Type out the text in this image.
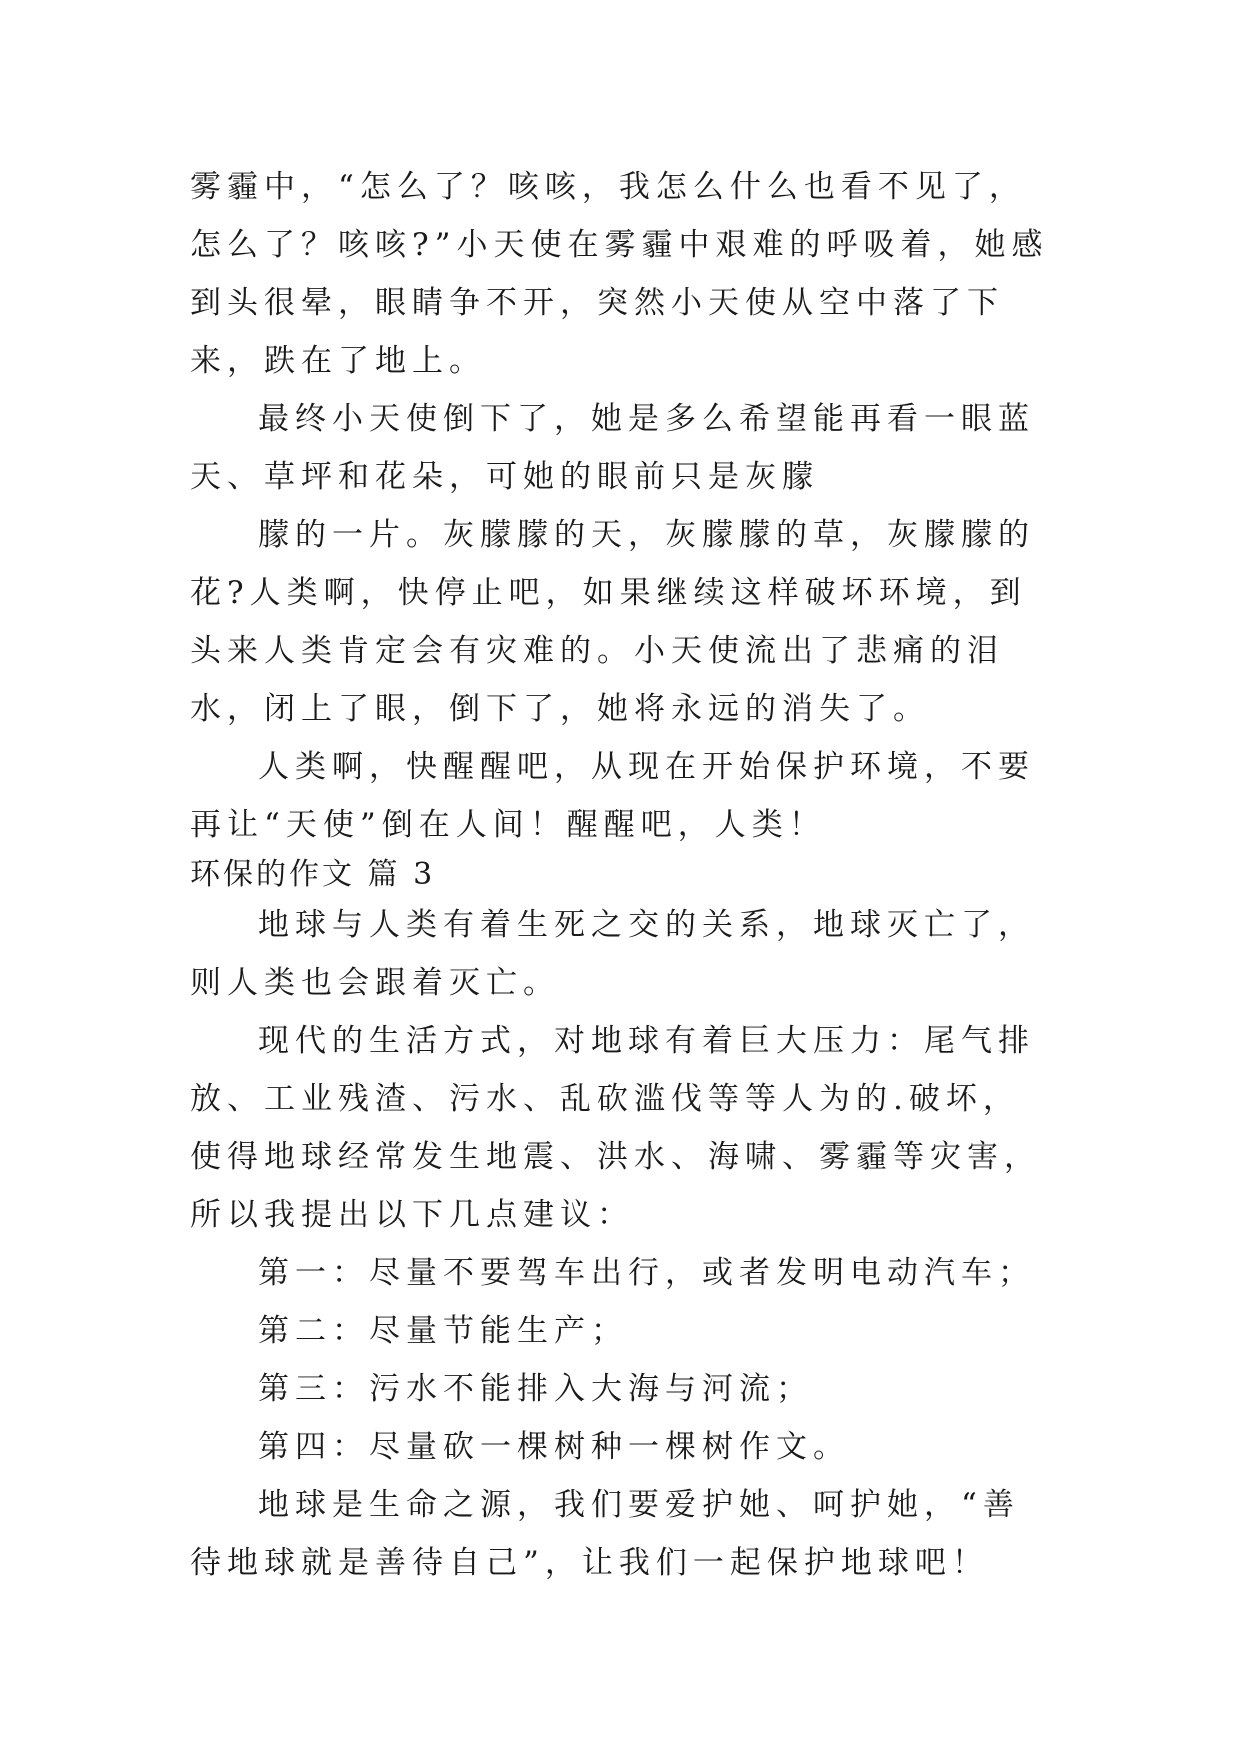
雾霾中，“怎么了？咳咳，我怎么什么也看不见了，怎么了？咳咳?”小天使在雾霾中艰难的呼吸着，她感到头很晕，眼睛争不开，突然小天使从空中落了下来，跌在了地上。

最终小天使倒下了，她是多么希望能再看一眼蓝天、草坪和花朵，可她的眼前只是灰朦

朦的一片。灰朦朦的天，灰朦朦的草，灰朦朦的花?人类啊，快停止吧，如果继续这样破坏环境，到头来人类肯定会有灾难的。小天使流出了悲痛的泪水，闭上了眼，倒下了，她将永远的消失了。

人类啊，快醒醒吧，从现在开始保护环境，不要再让“天使”倒在人间！醒醒吧，人类！

环保的作文 篇 3

地球与人类有着生死之交的关系，地球灭亡了，则人类也会跟着灭亡。

现代的生活方式，对地球有着巨大压力：尾气排放、工业残渣、污水、乱砍滥伐等等人为的.破坏，使得地球经常发生地震、洪水、海啸、雾霾等灾害，所以我提出以下几点建议：

第一：尽量不要驾车出行，或者发明电动汽车；

第二：尽量节能生产；

第三：污水不能排入大海与河流；

第四：尽量砍一棵树种一棵树作文。

地球是生命之源，我们要爱护她、呵护她，“善待地球就是善待自己”，让我们一起保护地球吧！
